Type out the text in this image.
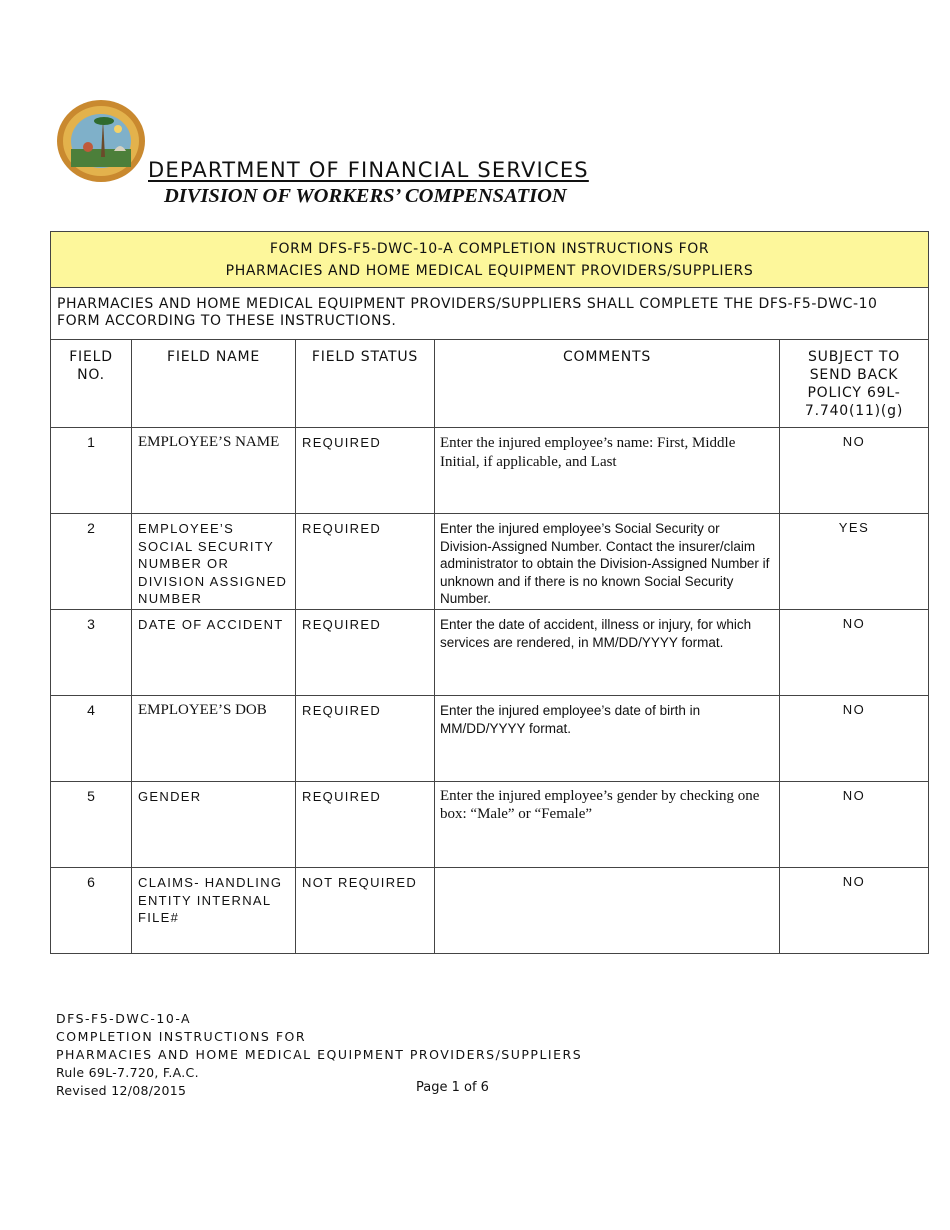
DEPARTMENT OF FINANCIAL SERVICES
DIVISION OF WORKERS’ COMPENSATION
FORM DFS-F5-DWC-10-A COMPLETION INSTRUCTIONS FOR
PHARMACIES AND HOME MEDICAL EQUIPMENT PROVIDERS/SUPPLIERS				

PHARMACIES AND HOME MEDICAL EQUIPMENT PROVIDERS/SUPPLIERS SHALL COMPLETE THE DFS-F5-DWC-10 FORM ACCORDING TO THESE INSTRUCTIONS.				
FIELD NO.	FIELD NAME	FIELD STATUS	COMMENTS	SUBJECT TO SEND BACK POLICY 69L-7.740(11)(g)
1	EMPLOYEE’S NAME	REQUIRED	Enter the injured employee’s name: First, Middle Initial, if applicable, and Last	NO
2	EMPLOYEE’S SOCIAL SECURITY NUMBER OR DIVISION ASSIGNED NUMBER	REQUIRED	Enter the injured employee’s Social Security or Division-Assigned Number. Contact the insurer/claim administrator to obtain the Division-Assigned Number if unknown and if there is no known Social Security Number.	YES
3	DATE OF ACCIDENT	REQUIRED	Enter the date of accident, illness or injury, for which services are rendered, in MM/DD/YYYY format.	NO
4	EMPLOYEE’S DOB	REQUIRED	Enter the injured employee’s date of birth in MM/DD/YYYY format.	NO
5	GENDER	REQUIRED	Enter the injured employee’s gender by checking one box: “Male” or “Female”	NO
6	CLAIMS- HANDLING ENTITY INTERNAL FILE#	NOT REQUIRED		NO
DFS-F5-DWC-10-A
COMPLETION INSTRUCTIONS FOR
PHARMACIES AND HOME MEDICAL EQUIPMENT PROVIDERS/SUPPLIERS
Rule 69L-7.720, F.A.C.
Revised 12/08/2015	Page 1 of 6
